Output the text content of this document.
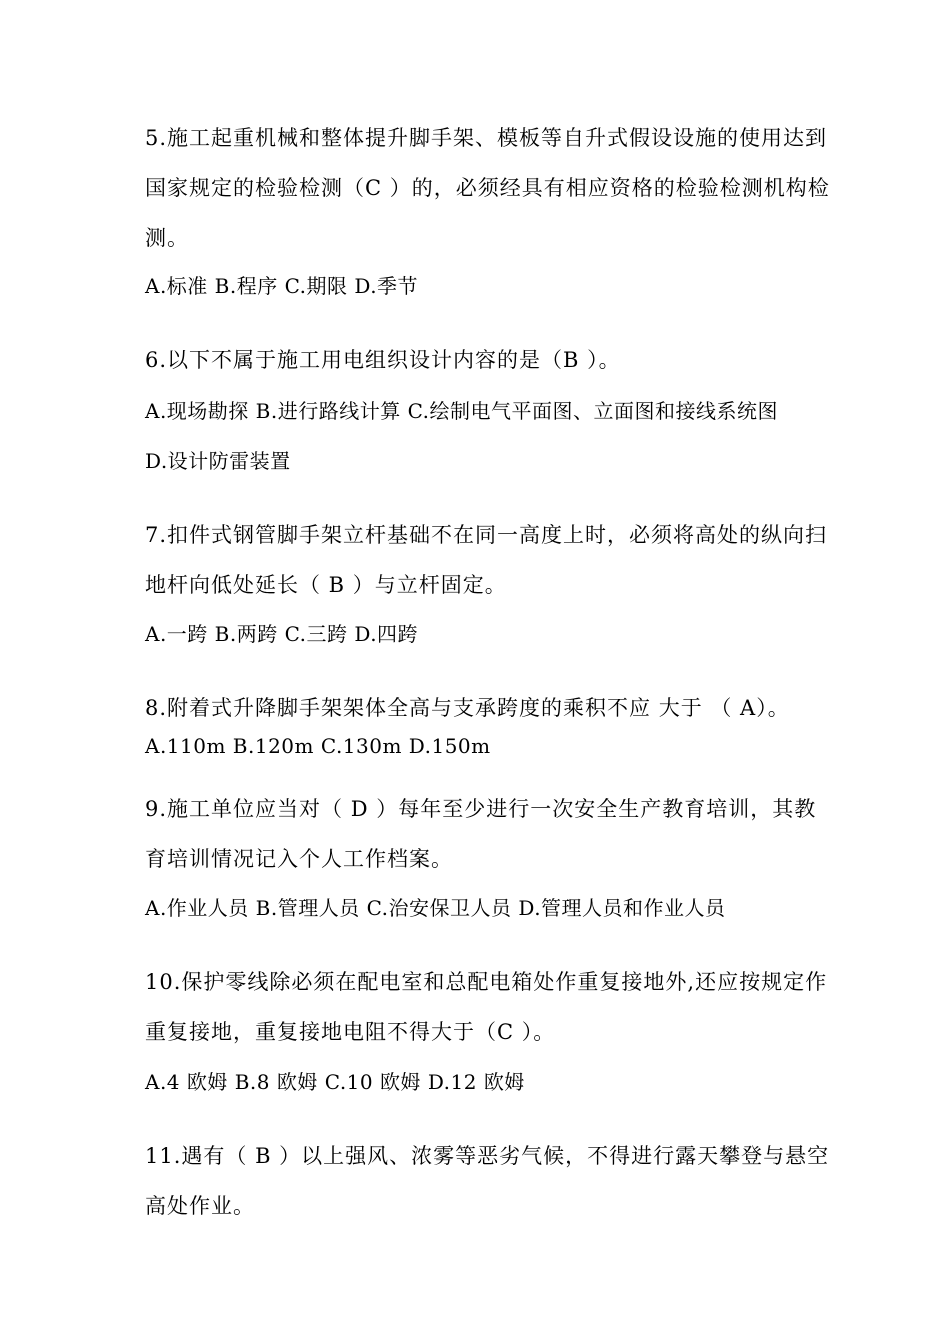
5.施工起重机械和整体提升脚手架、模板等自升式假设设施的使用达到
国家规定的检验检测（C ）的，必须经具有相应资格的检验检测机构检
测。
A.标准 B.程序 C.期限 D.季节
6.以下不属于施工用电组织设计内容的是（B ）。
A.现场勘探 B.进行路线计算 C.绘制电气平面图、立面图和接线系统图
D.设计防雷装置
7.扣件式钢管脚手架立杆基础不在同一高度上时，必须将高处的纵向扫
地杆向低处延长（ B ）与立杆固定。
A.一跨 B.两跨 C.三跨 D.四跨
8.附着式升降脚手架架体全高与支承跨度的乘积不应 大于 （ A）。
A.110m B.120m C.130m D.150m
9.施工单位应当对（ D ）每年至少进行一次安全生产教育培训，其教
育培训情况记入个人工作档案。
A.作业人员 B.管理人员 C.治安保卫人员 D.管理人员和作业人员
10.保护零线除必须在配电室和总配电箱处作重复接地外,还应按规定作
重复接地，重复接地电阻不得大于（C ）。
A.4 欧姆 B.8 欧姆 C.10 欧姆 D.12 欧姆
11.遇有（ B ）以上强风、浓雾等恶劣气候，不得进行露天攀登与悬空
高处作业。
